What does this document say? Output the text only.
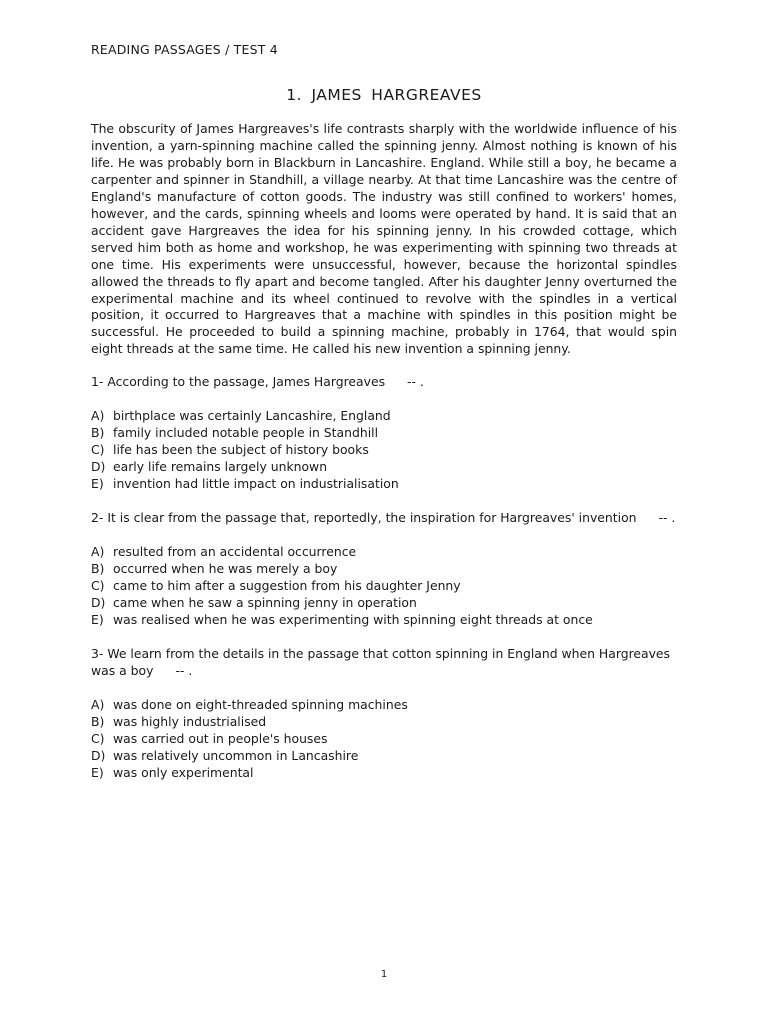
READING PASSAGES / TEST 4
1. JAMES HARGREAVES

The obscurity of James Hargreaves's life contrasts sharply with the worldwide influence of his invention, a yarn-spinning machine called the spinning jenny. Almost nothing is known of his life. He was probably born in Blackburn in Lancashire. England. While still a boy, he became a carpenter and spinner in Standhill, a village nearby. At that time Lancashire was the centre of England's manufacture of cotton goods. The industry was still confined to workers' homes, however, and the cards, spinning wheels and looms were operated by hand. It is said that an accident gave Hargreaves the idea for his spinning jenny. In his crowded cottage, which served him both as home and workshop, he was experimenting with spinning two threads at one time. His experiments were unsuccessful, however, because the horizontal spindles allowed the threads to fly apart and become tangled. After his daughter Jenny overturned the experimental machine and its wheel continued to revolve with the spindles in a vertical position, it occurred to Hargreaves that a machine with spindles in this position might be successful. He proceeded to build a spinning machine, probably in 1764, that would spin eight threads at the same time. He called his new invention a spinning jenny.

1- According to the passage, James Hargreaves -- .

A) birthplace was certainly Lancashire, England
B) family included notable people in Standhill
C) life has been the subject of history books
D) early life remains largely unknown
E) invention had little impact on industrialisation

2- It is clear from the passage that, reportedly, the inspiration for Hargreaves' invention -- .

A) resulted from an accidental occurrence
B) occurred when he was merely a boy
C) came to him after a suggestion from his daughter Jenny
D) came when he saw a spinning jenny in operation
E) was realised when he was experimenting with spinning eight threads at once

3- We learn from the details in the passage that cotton spinning in England when Hargreaves was a boy -- .

A) was done on eight-threaded spinning machines
B) was highly industrialised
C) was carried out in people's houses
D) was relatively uncommon in Lancashire
E) was only experimental
1
